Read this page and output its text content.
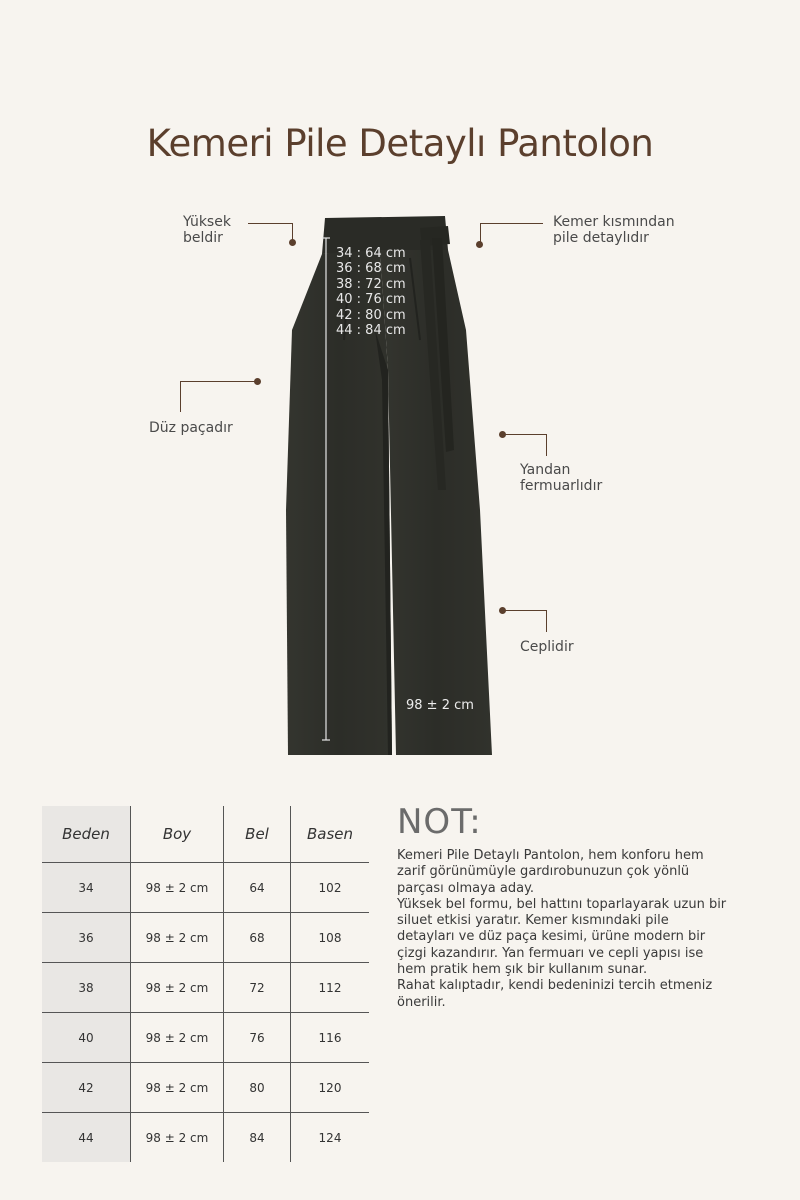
Kemeri Pile Detaylı Pantolon
34 : 64 cm
36 : 68 cm
38 : 72 cm
40 : 76 cm
42 : 80 cm
44 : 84 cm
98 ± 2 cm
Yüksek
beldir
Kemer kısmından
pile detaylıdır
Düz paçadır
Yandan
fermuarlıdır
Ceplidir
Beden	Boy	Bel	Basen
34	98 ± 2 cm	64	102
36	98 ± 2 cm	68	108
38	98 ± 2 cm	72	112
40	98 ± 2 cm	76	116
42	98 ± 2 cm	80	120
44	98 ± 2 cm	84	124
NOT:

Kemeri Pile Detaylı Pantolon, hem konforu hem zarif görünümüyle gardırobunuzun çok yönlü parçası olmaya aday.

Yüksek bel formu, bel hattını toparlayarak uzun bir siluet etkisi yaratır. Kemer kısmındaki pile detayları ve düz paça kesimi, ürüne modern bir çizgi kazandırır. Yan fermuarı ve cepli yapısı ise hem pratik hem şık bir kullanım sunar.

Rahat kalıptadır, kendi bedeninizi tercih etmeniz önerilir.
